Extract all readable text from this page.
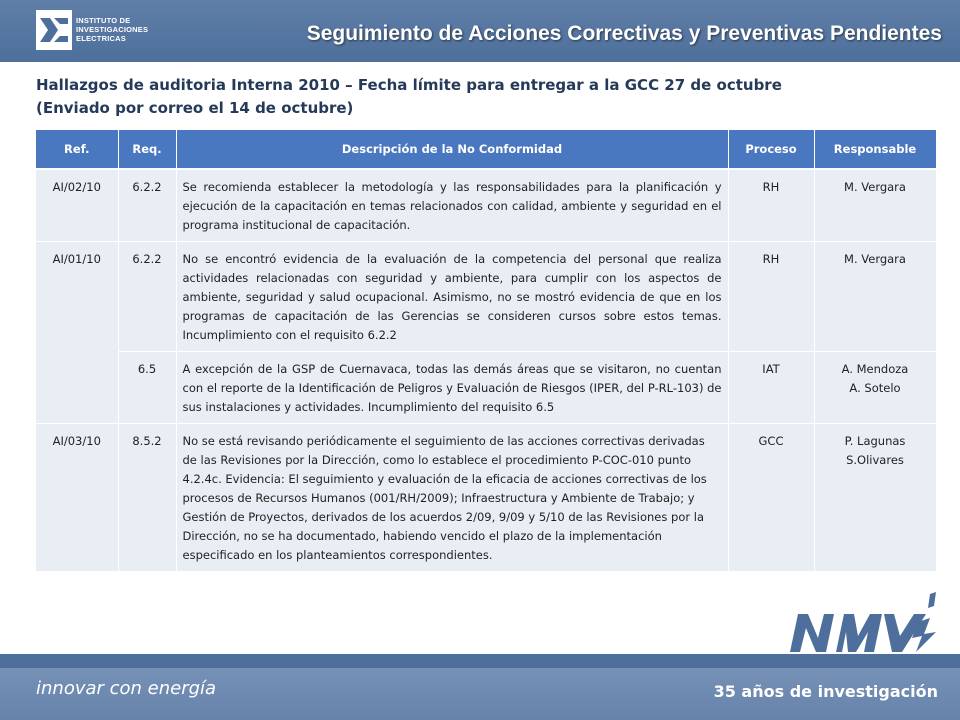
INSTITUTO DE
INVESTIGACIONES
ELECTRICAS	Seguimiento de Acciones Correctivas y Preventivas Pendientes
Hallazgos de auditoria Interna 2010 – Fecha límite para entregar a la GCC 27 de octubre
(Enviado por correo el 14 de octubre)
Ref.	Req.	Descripción de la No Conformidad	Proceso	Responsable
AI/02/10	6.2.2	Se recomienda establecer la metodología y las responsabilidades para la planificación y ejecución de la capacitación en temas relacionados con calidad, ambiente y seguridad en el programa institucional de capacitación.	RH	M. Vergara

AI/01/10	6.2.2	No se encontró evidencia de la evaluación de la competencia del personal que realiza actividades relacionadas con seguridad y ambiente, para cumplir con los aspectos de ambiente, seguridad y salud ocupacional. Asimismo, no se mostró evidencia de que en los programas de capacitación de las Gerencias se consideren cursos sobre estos temas. Incumplimiento con el requisito 6.2.2	RH	M. Vergara

	6.5	A excepción de la GSP de Cuernavaca, todas las demás áreas que se visitaron, no cuentan con el reporte de la Identificación de Peligros y Evaluación de Riesgos (IPER, del P-RL-103) de sus instalaciones y actividades. Incumplimiento del requisito 6.5	IAT	A. Mendoza
A. Sotelo

AI/03/10	8.5.2	No se está revisando periódicamente el seguimiento de las acciones correctivas derivadas de las Revisiones por la Dirección, como lo establece el procedimiento P-COC-010 punto 4.2.4c. Evidencia: El seguimiento y evaluación de la eficacia de acciones correctivas de los procesos de Recursos Humanos (001/RH/2009); Infraestructura y Ambiente de Trabajo; y Gestión de Proyectos, derivados de los acuerdos 2/09, 9/09 y 5/10 de las Revisiones por la Dirección, no se ha documentado, habiendo vencido el plazo de la implementación especificado en los planteamientos correspondientes.	GCC	P. Lagunas
S.Olivares
innovar con energía	35 años de investigación
